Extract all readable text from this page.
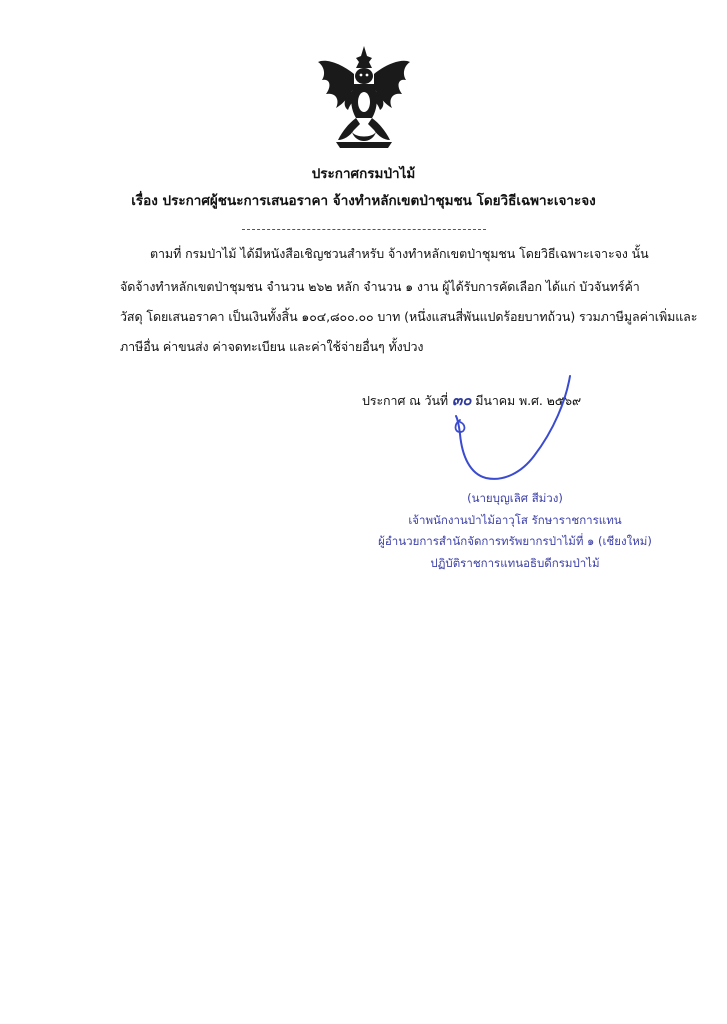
ประกาศกรมป่าไม้
เรื่อง ประกาศผู้ชนะการเสนอราคา จ้างทำหลักเขตป่าชุมชน โดยวิธีเฉพาะเจาะจง
ตามที่ กรมป่าไม้ ได้มีหนังสือเชิญชวนสำหรับ จ้างทำหลักเขตป่าชุมชน โดยวิธีเฉพาะเจาะจง นั้น
จัดจ้างทำหลักเขตป่าชุมชน จำนวน ๒๖๒ หลัก จำนวน ๑ งาน ผู้ได้รับการคัดเลือก ได้แก่ บัวจันทร์ค้า
วัสดุ โดยเสนอราคา เป็นเงินทั้งสิ้น ๑๐๔,๘๐๐.๐๐ บาท (หนึ่งแสนสี่พันแปดร้อยบาทถ้วน) รวมภาษีมูลค่าเพิ่มและ
ภาษีอื่น ค่าขนส่ง ค่าจดทะเบียน และค่าใช้จ่ายอื่นๆ ทั้งปวง
ประกาศ ณ วันที่ ๓๐ มีนาคม พ.ศ. ๒๕๖๙
(นายบุญเลิศ สีม่วง)
เจ้าพนักงานป่าไม้อาวุโส รักษาราชการแทน
ผู้อำนวยการสำนักจัดการทรัพยากรป่าไม้ที่ ๑ (เชียงใหม่)
ปฏิบัติราชการแทนอธิบดีกรมป่าไม้
